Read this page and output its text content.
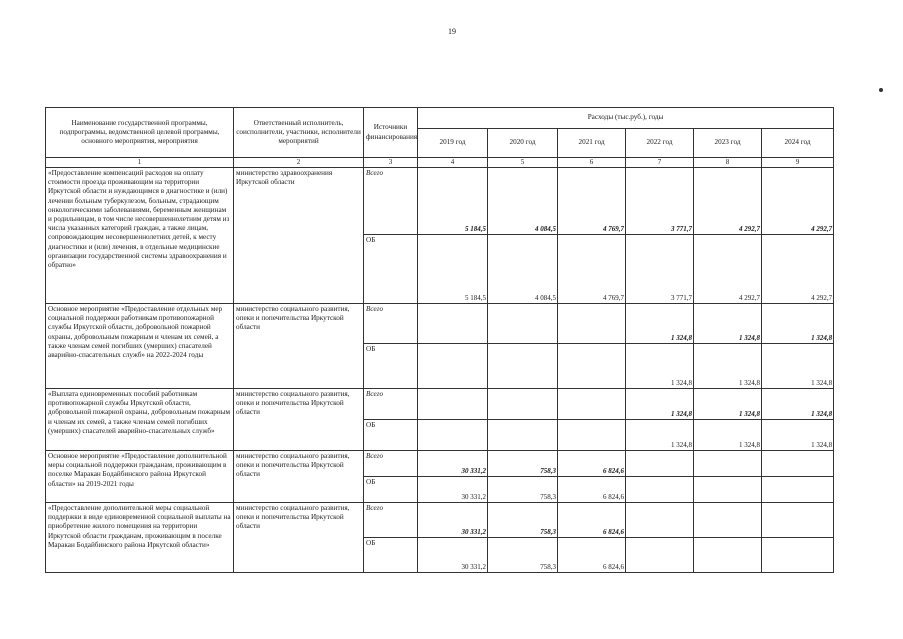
19
Наименование государственной программы, подпрограммы, ведомственной целевой программы, основного мероприятия, мероприятия	Ответственный исполнитель, соисполнители, участники, исполнители мероприятий	Источники финансирования	Расходы (тыс.руб.), годы					
			2019 год	2020 год	2021 год	2022 год	2023 год	2024 год
1	2	3	4	5	6	7	8	9
«Предоставление компенсаций расходов на оплату стоимости проезда проживающим на территории Иркутской области и нуждающимся в диагностике и (или) лечении больным туберкулезом, больным, страдающим онкологическими заболеваниями, беременным женщинам и родильницам, в том числе несовершеннолетним детям из числа указанных категорий граждан, а также лицам, сопровождающим несовершеннолетних детей, к месту диагностики и (или) лечения, в отдельные медицинские организации государственной системы здравоохранения и обратно»	министерство здравоохранения Иркутской области	Всего	5 184,5	4 084,5	4 769,7	3 771,7	4 292,7	4 292,7
		ОБ	5 184,5	4 084,5	4 769,7	3 771,7	4 292,7	4 292,7
Основное мероприятие «Предоставление отдельных мер социальной поддержки работникам противопожарной службы Иркутской области, добровольной пожарной охраны, добровольным пожарным и членам их семей, а также членам семей погибших (умерших) спасателей аварийно-спасательных служб» на 2022-2024 годы	министерство социального развития, опеки и попечительства Иркутской области	Всего				1 324,8	1 324,8	1 324,8
		ОБ				1 324,8	1 324,8	1 324,8
«Выплата единовременных пособий работникам противопожарной службы Иркутской области, добровольной пожарной охраны, добровольным пожарным и членам их семей, а также членам семей погибших (умерших) спасателей аварийно-спасательных служб»	министерство социального развития, опеки и попечительства Иркутской области	Всего				1 324,8	1 324,8	1 324,8
		ОБ				1 324,8	1 324,8	1 324,8
Основное мероприятие «Предоставление дополнительной меры социальной поддержки гражданам, проживающим в поселке Маракан Бодайбинского района Иркутской области» на 2019-2021 годы	министерство социального развития, опеки и попечительства Иркутской области	Всего	30 331,2	758,3	6 824,6			
		ОБ	30 331,2	758,3	6 824,6			
«Предоставление дополнительной меры социальной поддержки в виде единовременной социальной выплаты на приобретение жилого помещения на территории Иркутской области гражданам, проживающим в поселке Маракан Бодайбинского района Иркутской области»	министерство социального развития, опеки и попечительства Иркутской области	Всего	30 331,2	758,3	6 824,6			
		ОБ	30 331,2	758,3	6 824,6			
